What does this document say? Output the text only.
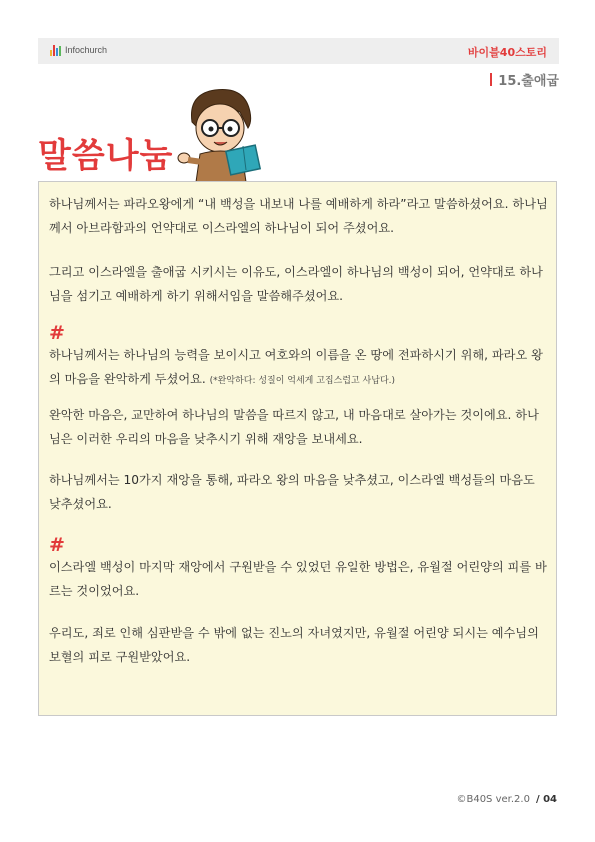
Infochurch	바이블40스토리
15.출애굽
말씀나눔

하나님께서는 파라오왕에게 “내 백성을 내보내 나를 예배하게 하라”라고 말씀하셨어요. 하나님께서 아브라함과의 언약대로 이스라엘의 하나님이 되어 주셨어요.

그리고 이스라엘을 출애굽 시키시는 이유도, 이스라엘이 하나님의 백성이 되어, 언약대로 하나님을 섬기고 예배하게 하기 위해서임을 말씀해주셨어요.

#

하나님께서는 하나님의 능력을 보이시고 여호와의 이름을 온 땅에 전파하시기 위해, 파라오 왕의 마음을 완악하게 두셨어요. (*완악하다: 성질이 억세게 고집스럽고 사납다.)

완악한 마음은, 교만하여 하나님의 말씀을 따르지 않고, 내 마음대로 살아가는 것이에요. 하나님은 이러한 우리의 마음을 낮추시기 위해 재앙을 보내세요.

하나님께서는 10가지 재앙을 통해, 파라오 왕의 마음을 낮추셨고, 이스라엘 백성들의 마음도 낮추셨어요.

#

이스라엘 백성이 마지막 재앙에서 구원받을 수 있었던 유일한 방법은, 유월절 어린양의 피를 바르는 것이었어요.

우리도, 죄로 인해 심판받을 수 밖에 없는 진노의 자녀였지만, 유월절 어린양 되시는 예수님의 보혈의 피로 구원받았어요.

©B40S ver.2.0 / 04
